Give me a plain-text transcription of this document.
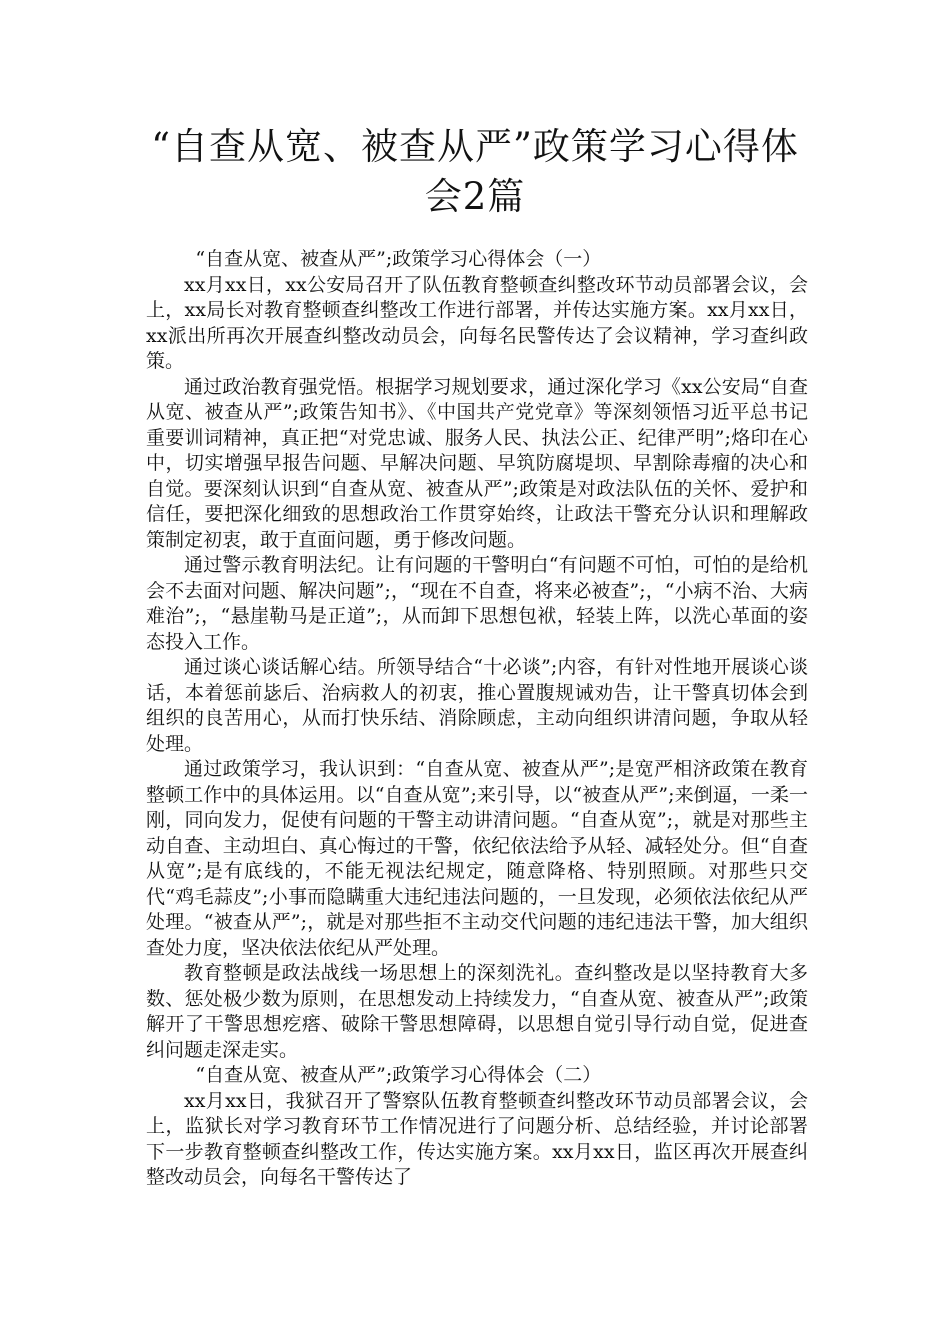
“自查从宽、被查从严”政策学习心得体
会2篇

“自查从宽、被查从严”;政策学习心得体会（一）

xx月xx日，xx公安局召开了队伍教育整顿查纠整改环节动员部署会议，会上，xx局长对教育整顿查纠整改工作进行部署，并传达实施方案。xx月xx日，xx派出所再次开展查纠整改动员会，向每名民警传达了会议精神，学习查纠政策。

通过政治教育强党悟。根据学习规划要求，通过深化学习《xx公安局“自查从宽、被查从严”;政策告知书》、《中国共产党党章》等深刻领悟习近平总书记重要训词精神，真正把“对党忠诚、服务人民、执法公正、纪律严明”;烙印在心中，切实增强早报告问题、早解决问题、早筑防腐堤坝、早割除毒瘤的决心和自觉。要深刻认识到“自查从宽、被查从严”;政策是对政法队伍的关怀、爱护和信任，要把深化细致的思想政治工作贯穿始终，让政法干警充分认识和理解政策制定初衷，敢于直面问题，勇于修改问题。

通过警示教育明法纪。让有问题的干警明白“有问题不可怕，可怕的是给机会不去面对问题、解决问题”;，“现在不自查，将来必被查”;，“小病不治、大病难治”;，“悬崖勒马是正道”;，从而卸下思想包袱，轻装上阵，以洗心革面的姿态投入工作。

通过谈心谈话解心结。所领导结合“十必谈”;内容，有针对性地开展谈心谈话，本着惩前毖后、治病救人的初衷，推心置腹规诫劝告，让干警真切体会到组织的良苦用心，从而打快乐结、消除顾虑，主动向组织讲清问题，争取从轻处理。

通过政策学习，我认识到：“自查从宽、被查从严”;是宽严相济政策在教育整顿工作中的具体运用。以“自查从宽”;来引导，以“被查从严”;来倒逼，一柔一刚，同向发力，促使有问题的干警主动讲清问题。“自查从宽”;，就是对那些主动自查、主动坦白、真心悔过的干警，依纪依法给予从轻、减轻处分。但“自查从宽”;是有底线的，不能无视法纪规定，随意降格、特别照顾。对那些只交代“鸡毛蒜皮”;小事而隐瞒重大违纪违法问题的，一旦发现，必须依法依纪从严处理。“被查从严”;，就是对那些拒不主动交代问题的违纪违法干警，加大组织查处力度，坚决依法依纪从严处理。

教育整顿是政法战线一场思想上的深刻洗礼。查纠整改是以坚持教育大多数、惩处极少数为原则，在思想发动上持续发力，“自查从宽、被查从严”;政策解开了干警思想疙瘩、破除干警思想障碍，以思想自觉引导行动自觉，促进查纠问题走深走实。

“自查从宽、被查从严”;政策学习心得体会（二）

xx月xx日，我狱召开了警察队伍教育整顿查纠整改环节动员部署会议，会上，监狱长对学习教育环节工作情况进行了问题分析、总结经验，并讨论部署下一步教育整顿查纠整改工作，传达实施方案。xx月xx日，监区再次开展查纠整改动员会，向每名干警传达了
